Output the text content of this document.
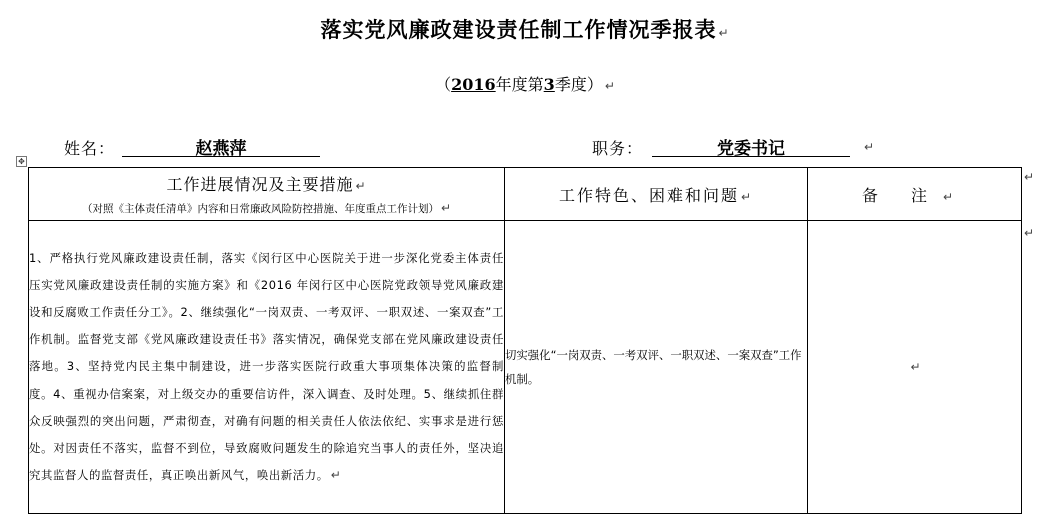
落实党风廉政建设责任制工作情况季报表 ↵
（2016年度第3季度） ↵
姓名：	赵燕萍	职务：	党委书记	↵
✥
工作进展情况及主要措施 ↵
（对照《主体责任清单》内容和日常廉政风险防控措施、年度重点工作计划） ↵	工作特色、困难和问题 ↵	备 注 ↵
1、严格执行党风廉政建设责任制，落实《闵行区中心医院关于进一步深化党委主体责任压实党风廉政建设责任制的实施方案》和《2016 年闵行区中心医院党政领导党风廉政建设和反腐败工作责任分工》。2、继续强化“一岗双责、一考双评、一职双述、一案双查”工作机制。监督党支部《党风廉政建设责任书》落实情况，确保党支部在党风廉政建设责任落地。3、坚持党内民主集中制建设，进一步落实医院行政重大事项集体决策的监督制度。4、重视办信案案，对上级交办的重要信访件，深入调查、及时处理。5、继续抓住群众反映强烈的突出问题，严肃彻查，对确有问题的相关责任人依法依纪、实事求是进行惩处。对因责任不落实，监督不到位，导致腐败问题发生的除追究当事人的责任外，坚决追究其监督人的监督责任，真正唤出新风气，唤出新活力。 ↵	切实强化“一岗双责、一考双评、一职双述、一案双查”工作机制。	↵
↵
↵
